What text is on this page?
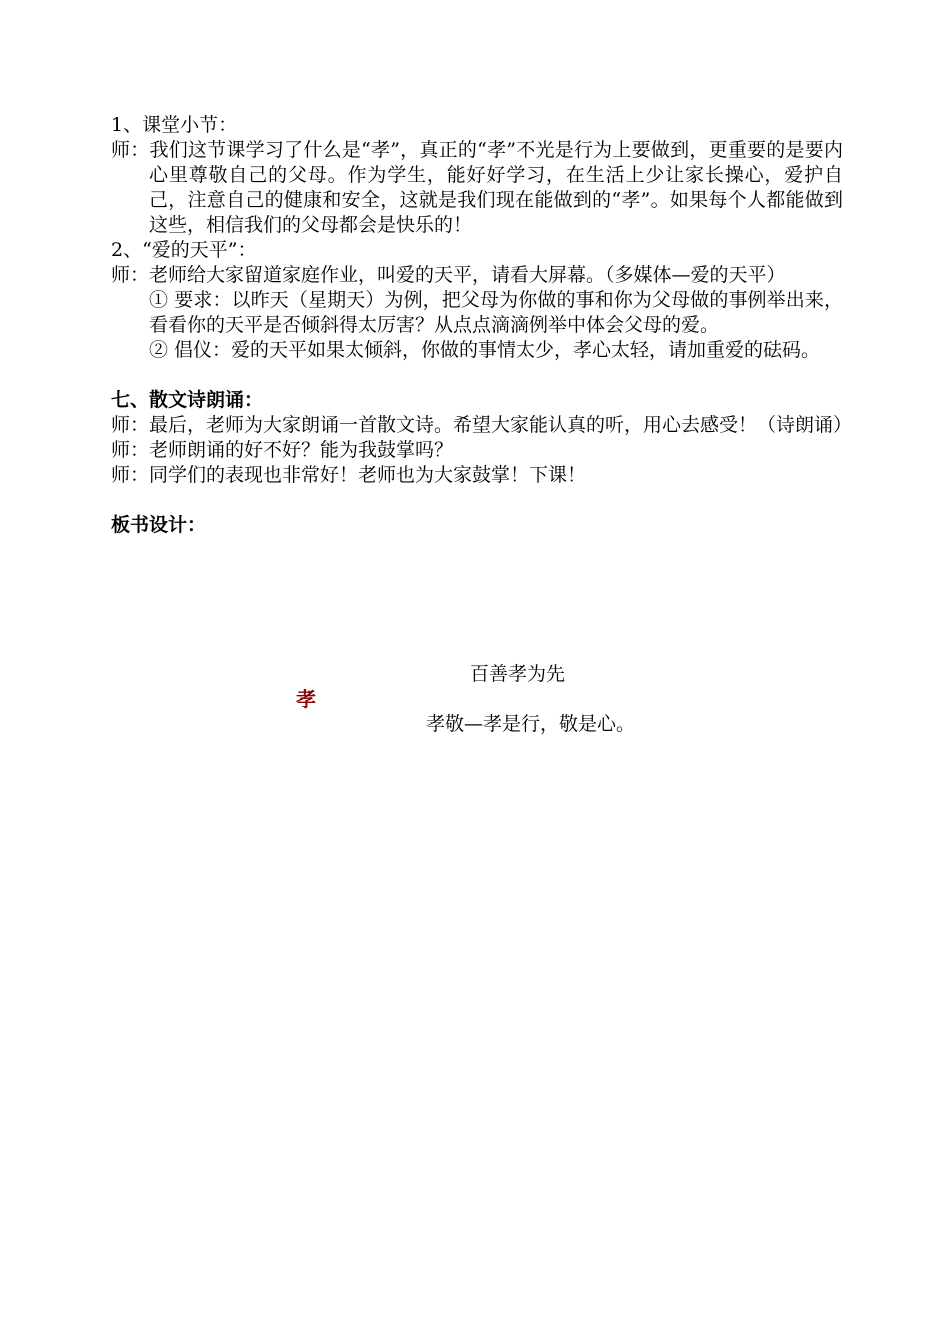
1、课堂小节：

师：我们这节课学习了什么是“孝”，真正的“孝”不光是行为上要做到，更重要的是要内心里尊敬自己的父母。作为学生，能好好学习，在生活上少让家长操心，爱护自己，注意自己的健康和安全，这就是我们现在能做到的“孝”。如果每个人都能做到这些，相信我们的父母都会是快乐的！

2、“爱的天平”：

师：老师给大家留道家庭作业，叫爱的天平，请看大屏幕。（多媒体—爱的天平）

① 要求：以昨天（星期天）为例，把父母为你做的事和你为父母做的事例举出来，看看你的天平是否倾斜得太厉害？从点点滴滴例举中体会父母的爱。

② 倡仪：爱的天平如果太倾斜，你做的事情太少，孝心太轻，请加重爱的砝码。

七、散文诗朗诵：

师：最后，老师为大家朗诵一首散文诗。希望大家能认真的听，用心去感受！（诗朗诵）

师：老师朗诵的好不好？能为我鼓掌吗？

师：同学们的表现也非常好！老师也为大家鼓掌！下课！

板书设计：

百善孝为先
孝
孝敬—孝是行，敬是心。
